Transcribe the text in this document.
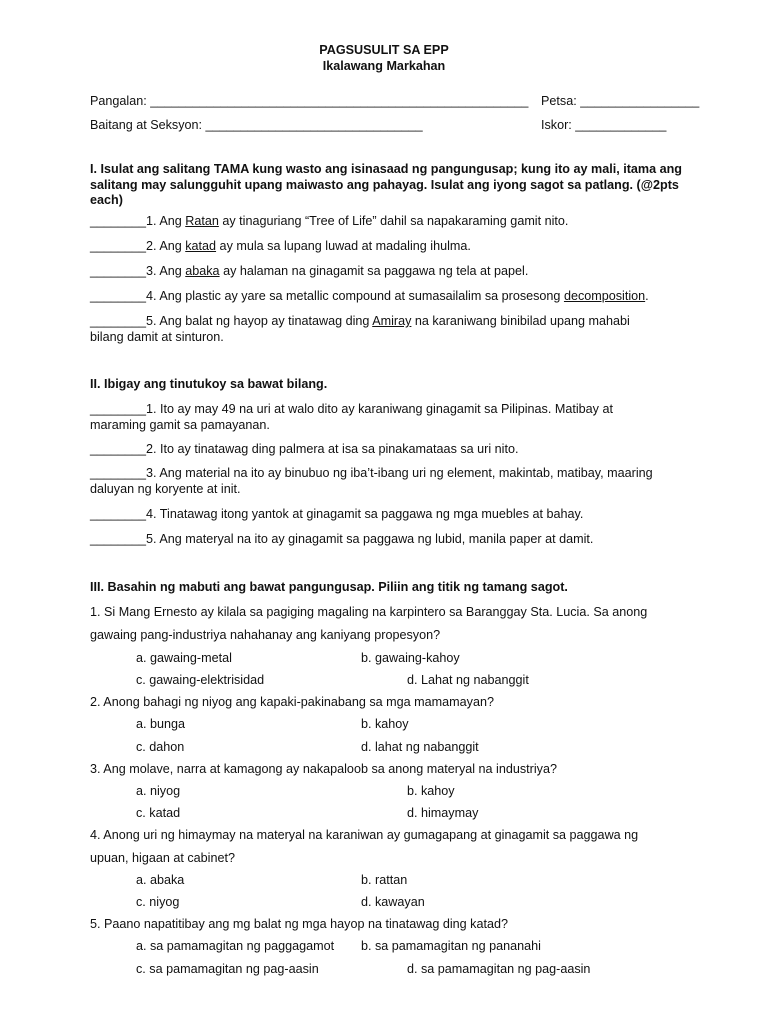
PAGSUSULIT SA EPP
Ikalawang Markahan
Pangalan: ______________________________________________________ Petsa: _________________
Baitang at Seksyon: _______________________________	Iskor: _____________
I. Isulat ang salitang TAMA kung wasto ang isinasaad ng pangungusap; kung ito ay mali, itama ang salitang may salungguhit upang maiwasto ang pahayag. Isulat ang iyong sagot sa patlang. (@2pts each)
________1. Ang Ratan ay tinaguriang “Tree of Life” dahil sa napakaraming gamit nito.
________2. Ang katad ay mula sa lupang luwad at madaling ihulma.
________3. Ang abaka ay halaman na ginagamit sa paggawa ng tela at papel.
________4. Ang plastic ay yare sa metallic compound at sumasailalim sa prosesong decomposition.
________5. Ang balat ng hayop ay tinatawag ding Amiray na karaniwang binibilad upang mahabi bilang damit at sinturon.
II. Ibigay ang tinutukoy sa bawat bilang.
________1. Ito ay may 49 na uri at walo dito ay karaniwang ginagamit sa Pilipinas. Matibay at maraming gamit sa pamayanan.
________2. Ito ay tinatawag ding palmera at isa sa pinakamataas sa uri nito.
________3. Ang material na ito ay binubuo ng iba’t-ibang uri ng element, makintab, matibay, maaring daluyan ng koryente at init.
________4. Tinatawag itong yantok at ginagamit sa paggawa ng mga muebles at bahay.
________5. Ang materyal na ito ay ginagamit sa paggawa ng lubid, manila paper at damit.
III. Basahin ng mabuti ang bawat pangungusap. Piliin ang titik ng tamang sagot.
1. Si Mang Ernesto ay kilala sa pagiging magaling na karpintero sa Baranggay Sta. Lucia. Sa anong
gawaing pang-industriya nahahanay ang kaniyang propesyon?
a. gawaing-metal	b. gawaing-kahoy
c. gawaing-elektrisidad	d. Lahat ng nabanggit
2. Anong bahagi ng niyog ang kapaki-pakinabang sa mga mamamayan?
a. bunga	b. kahoy
c. dahon	d. lahat ng nabanggit
3. Ang molave, narra at kamagong ay nakapaloob sa anong materyal na industriya?
a. niyog	b. kahoy
c. katad	d. himaymay
4. Anong uri ng himaymay na materyal na karaniwan ay gumagapang at ginagamit sa paggawa ng
upuan, higaan at cabinet?
a. abaka	b. rattan
c. niyog	d. kawayan
5. Paano napatitibay ang mg balat ng mga hayop na tinatawag ding katad?
a. sa pamamagitan ng paggagamot b. sa pamamagitan ng pananahi
c. sa pamamagitan ng pag-aasin	d. sa pamamagitan ng pag-aasin
